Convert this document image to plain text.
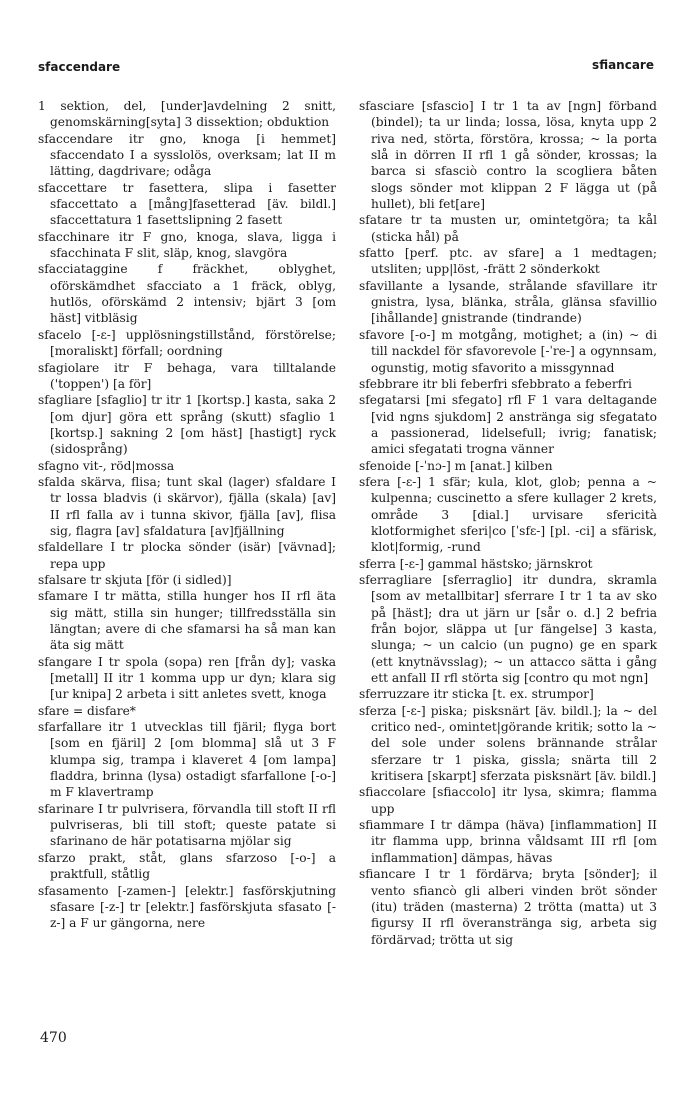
sfaccendare	sfiancare

1 sektion, del, [under]avdelning 2 snitt, genomskärning[syta] 3 dissektion; obduktion

sfaccendare itr gno, knoga [i hemmet] sfaccendato I a sysslolös, overksam; lat II m lätting, dagdrivare; odåga

sfaccettare tr fasettera, slipa i fasetter sfaccettato a [mång]fasetterad [äv. bildl.] sfaccettatura 1 fasettslipning 2 fasett

sfacchinare itr F gno, knoga, slava, ligga i sfacchinata F slit, släp, knog, slavgöra

sfacciataggine f fräckhet, oblyghet, oförskämdhet sfacciato a 1 fräck, oblyg, hutlös, oförskämd 2 intensiv; bjärt 3 [om häst] vitbläsig

sfacelo [-ε-] upplösningstillstånd, förstörelse; [moraliskt] förfall; oordning

sfagiolare itr F behaga, vara tilltalande ('toppen') [a för]

sfagliare [sfaglio] tr itr 1 [kortsp.] kasta, saka 2 [om djur] göra ett språng (skutt) sfaglio 1 [kortsp.] sakning 2 [om häst] [hastigt] ryck (sidosprång)

sfagno vit-, röd|mossa

sfalda skärva, flisa; tunt skal (lager) sfaldare I tr lossa bladvis (i skärvor), fjälla (skala) [av] II rfl falla av i tunna skivor, fjälla [av], flisa sig, flagra [av] sfaldatura [av]fjällning

sfaldellare I tr plocka sönder (isär) [vävnad]; repa upp

sfalsare tr skjuta [för (i sidled)]

sfamare I tr mätta, stilla hunger hos II rfl äta sig mätt, stilla sin hunger; tillfredsställa sin längtan; avere di che sfamarsi ha så man kan äta sig mätt

sfangare I tr spola (sopa) ren [från dy]; vaska [metall] II itr 1 komma upp ur dyn; klara sig [ur knipa] 2 arbeta i sitt anletes svett, knoga

sfare = disfare*

sfarfallare itr 1 utvecklas till fjäril; flyga bort [som en fjäril] 2 [om blomma] slå ut 3 F klumpa sig, trampa i klaveret 4 [om lampa] fladdra, brinna (lysa) ostadigt sfarfallone [-o-] m F klavertramp

sfarinare I tr pulvrisera, förvandla till stoft II rfl pulvriseras, bli till stoft; queste patate si sfarinano de här potatisarna mjölar sig

sfarzo prakt, ståt, glans sfarzoso [-o-] a praktfull, ståtlig

sfasamento [-zamen-] [elektr.] fasförskjutning sfasare [-z-] tr [elektr.] fasförskjuta sfasato [-z-] a F ur gängorna, nere

sfasciare [sfascio] I tr 1 ta av [ngn] förband (bindel); ta ur linda; lossa, lösa, knyta upp 2 riva ned, störta, förstöra, krossa; ~ la porta slå in dörren II rfl 1 gå sönder, krossas; la barca si sfasciò contro la scogliera båten slogs sönder mot klippan 2 F lägga ut (på hullet), bli fet[are]

sfatare tr ta musten ur, omintetgöra; ta kål (sticka hål) på

sfatto [perf. ptc. av sfare] a 1 medtagen; utsliten; upp|löst, -frätt 2 sönderkokt

sfavillante a lysande, strålande sfavillare itr gnistra, lysa, blänka, stråla, glänsa sfavillio [ihållande] gnistrande (tindrande)

sfavore [-o-] m motgång, motighet; a (in) ~ di till nackdel för sfavorevole [-ˈre-] a ogynnsam, ogunstig, motig sfavorito a missgynnad

sfebbrare itr bli feberfri sfebbrato a feberfri

sfegatarsi [mi sfegato] rfl F 1 vara deltagande [vid ngns sjukdom] 2 anstränga sig sfegatato a passionerad, lidelsefull; ivrig; fanatisk; amici sfegatati trogna vänner

sfenoide [-ˈnɔ-] m [anat.] kilben

sfera [-ε-] 1 sfär; kula, klot, glob; penna a ~ kulpenna; cuscinetto a sfere kullager 2 krets, område 3 [dial.] urvisare sfericità klotformighet sferi|co [ˈsfε-] [pl. -ci] a sfärisk, klot|formig, -rund

sferra [-ε-] gammal hästsko; järnskrot

sferragliare [sferraglio] itr dundra, skramla [som av metallbitar] sferrare I tr 1 ta av sko på [häst]; dra ut järn ur [sår o. d.] 2 befria från bojor, släppa ut [ur fängelse] 3 kasta, slunga; ~ un calcio (un pugno) ge en spark (ett knytnävsslag); ~ un attacco sätta i gång ett anfall II rfl störta sig [contro qu mot ngn]

sferruzzare itr sticka [t. ex. strumpor]

sferza [-ε-] piska; pisksnärt [äv. bildl.]; la ~ del critico ned-, omintet|görande kritik; sotto la ~ del sole under solens brännande strålar sferzare tr 1 piska, gissla; snärta till 2 kritisera [skarpt] sferzata pisksnärt [äv. bildl.]

sfiaccolare [sfiaccolo] itr lysa, skimra; flamma upp

sfiammare I tr dämpa (häva) [inflammation] II itr flamma upp, brinna våldsamt III rfl [om inflammation] dämpas, hävas

sfiancare I tr 1 fördärva; bryta [sönder]; il vento sfiancò gli alberi vinden bröt sönder (itu) träden (masterna) 2 trötta (matta) ut 3 figursy II rfl överanstränga sig, arbeta sig fördärvad; trötta ut sig

470
